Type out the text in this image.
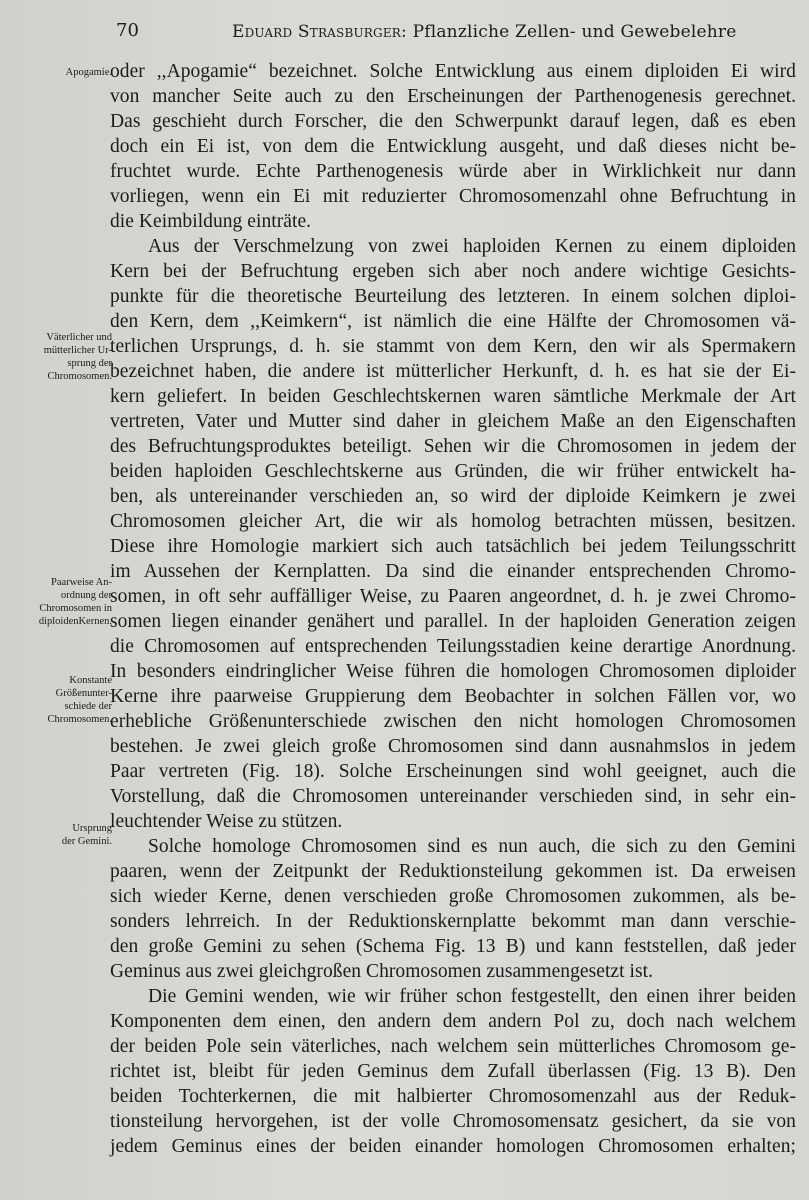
70	Eduard Strasburger: Pflanzliche Zellen- und Gewebelehre
Apogamie.
Väterlicher und
mütterlicher Ur-
sprung der
Chromosomen.
Paarweise An-
ordnung der
Chromosomen in
diploidenKernen.
Konstante
Größenunter-
schiede der
Chromosomen.
Ursprung
der Gemini.
oder ,,Apogamie“ bezeichnet. Solche Entwicklung aus einem diploiden Ei wird
von mancher Seite auch zu den Erscheinungen der Parthenogenesis gerechnet.
Das geschieht durch Forscher, die den Schwerpunkt darauf legen, daß es eben
doch ein Ei ist, von dem die Entwicklung ausgeht, und daß dieses nicht be-
fruchtet wurde. Echte Parthenogenesis würde aber in Wirklichkeit nur dann
vorliegen, wenn ein Ei mit reduzierter Chromosomenzahl ohne Befruchtung in
die Keimbildung einträte.
Aus der Verschmelzung von zwei haploiden Kernen zu einem diploiden
Kern bei der Befruchtung ergeben sich aber noch andere wichtige Gesichts-
punkte für die theoretische Beurteilung des letzteren. In einem solchen diploi-
den Kern, dem ,,Keimkern“, ist nämlich die eine Hälfte der Chromosomen vä-
terlichen Ursprungs, d. h. sie stammt von dem Kern, den wir als Spermakern
bezeichnet haben, die andere ist mütterlicher Herkunft, d. h. es hat sie der Ei-
kern geliefert. In beiden Geschlechtskernen waren sämtliche Merkmale der Art
vertreten, Vater und Mutter sind daher in gleichem Maße an den Eigenschaften
des Befruchtungsproduktes beteiligt. Sehen wir die Chromosomen in jedem der
beiden haploiden Geschlechtskerne aus Gründen, die wir früher entwickelt ha-
ben, als untereinander verschieden an, so wird der diploide Keimkern je zwei
Chromosomen gleicher Art, die wir als homolog betrachten müssen, besitzen.
Diese ihre Homologie markiert sich auch tatsächlich bei jedem Teilungsschritt
im Aussehen der Kernplatten. Da sind die einander entsprechenden Chromo-
somen, in oft sehr auffälliger Weise, zu Paaren angeordnet, d. h. je zwei Chromo-
somen liegen einander genähert und parallel. In der haploiden Generation zeigen
die Chromosomen auf entsprechenden Teilungsstadien keine derartige Anordnung.
In besonders eindringlicher Weise führen die homologen Chromosomen diploider
Kerne ihre paarweise Gruppierung dem Beobachter in solchen Fällen vor, wo
erhebliche Größenunterschiede zwischen den nicht homologen Chromosomen
bestehen. Je zwei gleich große Chromosomen sind dann ausnahmslos in jedem
Paar vertreten (Fig. 18). Solche Erscheinungen sind wohl geeignet, auch die
Vorstellung, daß die Chromosomen untereinander verschieden sind, in sehr ein-
leuchtender Weise zu stützen.
Solche homologe Chromosomen sind es nun auch, die sich zu den Gemini
paaren, wenn der Zeitpunkt der Reduktionsteilung gekommen ist. Da erweisen
sich wieder Kerne, denen verschieden große Chromosomen zukommen, als be-
sonders lehrreich. In der Reduktionskernplatte bekommt man dann verschie-
den große Gemini zu sehen (Schema Fig. 13 B) und kann feststellen, daß jeder
Geminus aus zwei gleichgroßen Chromosomen zusammengesetzt ist.
Die Gemini wenden, wie wir früher schon festgestellt, den einen ihrer beiden
Komponenten dem einen, den andern dem andern Pol zu, doch nach welchem
der beiden Pole sein väterliches, nach welchem sein mütterliches Chromosom ge-
richtet ist, bleibt für jeden Geminus dem Zufall überlassen (Fig. 13 B). Den
beiden Tochterkernen, die mit halbierter Chromosomenzahl aus der Reduk-
tionsteilung hervorgehen, ist der volle Chromosomensatz gesichert, da sie von
jedem Geminus eines der beiden einander homologen Chromosomen erhalten;
